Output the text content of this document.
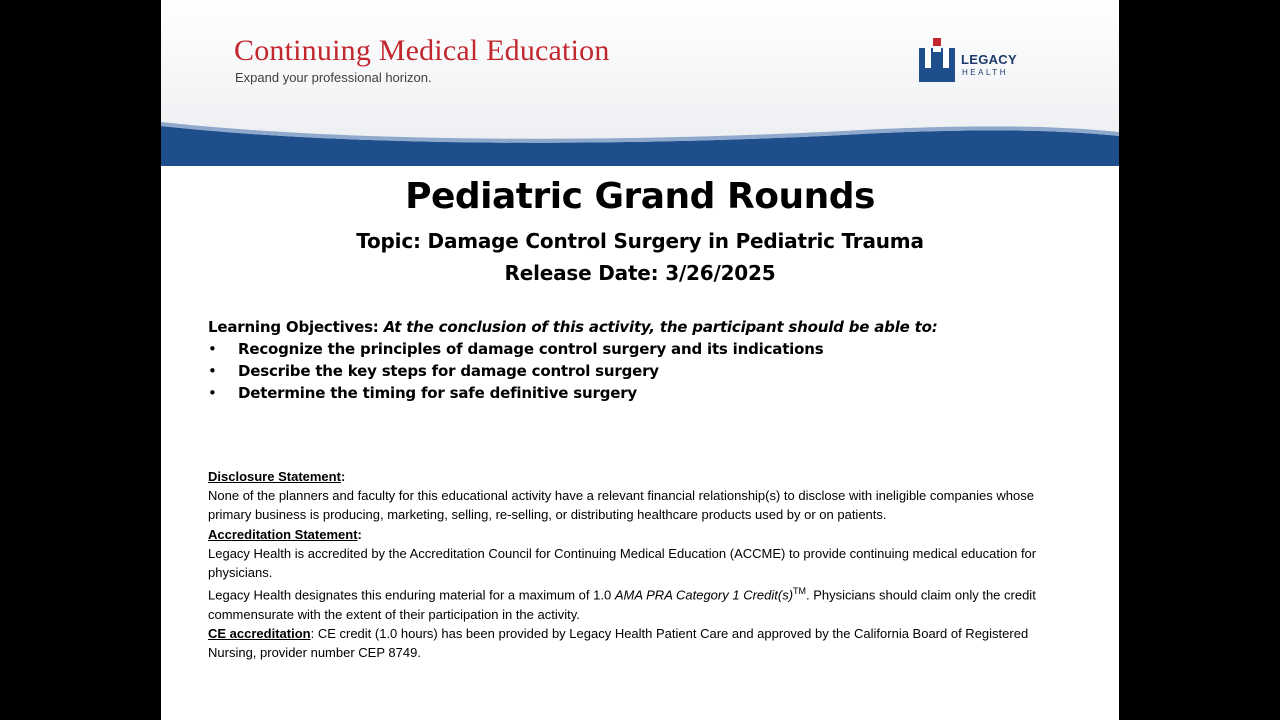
Continuing Medical Education
Expand your professional horizon.
LEGACY
HEALTH
Pediatric Grand Rounds
Topic: Damage Control Surgery in Pediatric Trauma
Release Date: 3/26/2025
Learning Objectives: At the conclusion of this activity, the participant should be able to:
• Recognize the principles of damage control surgery and its indications
• Describe the key steps for damage control surgery
• Determine the timing for safe definitive surgery

Disclosure Statement:

None of the planners and faculty for this educational activity have a relevant financial relationship(s) to disclose with ineligible companies whose primary business is producing, marketing, selling, re-selling, or distributing healthcare products used by or on patients.

Accreditation Statement:

Legacy Health is accredited by the Accreditation Council for Continuing Medical Education (ACCME) to provide continuing medical education for physicians.

Legacy Health designates this enduring material for a maximum of 1.0 AMA PRA Category 1 Credit(s)™. Physicians should claim only the credit commensurate with the extent of their participation in the activity.

CE accreditation: CE credit (1.0 hours) has been provided by Legacy Health Patient Care and approved by the California Board of Registered Nursing, provider number CEP 8749.
